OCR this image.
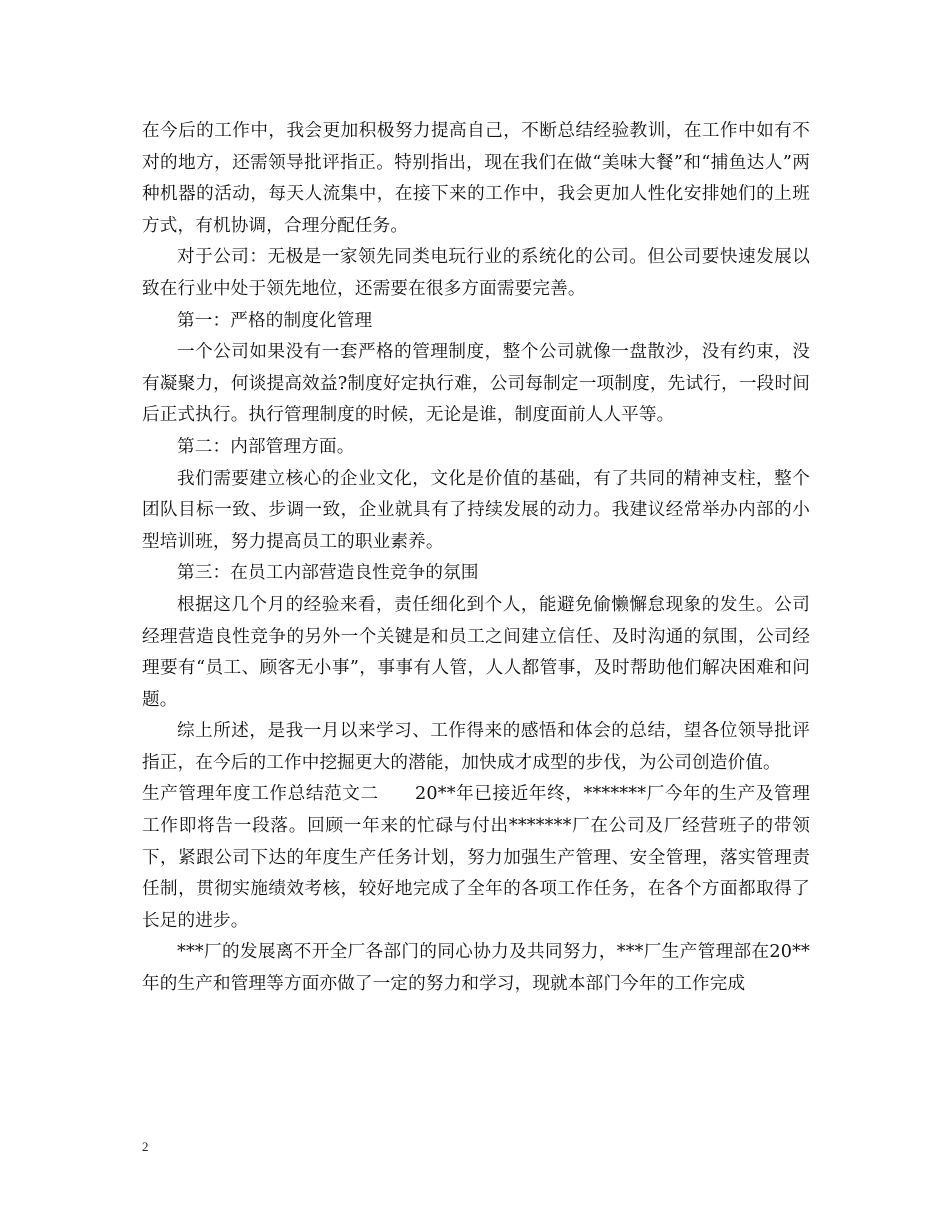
在今后的工作中，我会更加积极努力提高自己，不断总结经验教训，在工作中如有不对的地方，还需领导批评指正。特别指出，现在我们在做“美味大餐”和“捕鱼达人”两种机器的活动，每天人流集中，在接下来的工作中，我会更加人性化安排她们的上班方式，有机协调，合理分配任务。

对于公司：无极是一家领先同类电玩行业的系统化的公司。但公司要快速发展以致在行业中处于领先地位，还需要在很多方面需要完善。

第一：严格的制度化管理

一个公司如果没有一套严格的管理制度，整个公司就像一盘散沙，没有约束，没有凝聚力，何谈提高效益?制度好定执行难，公司每制定一项制度，先试行，一段时间后正式执行。执行管理制度的时候，无论是谁，制度面前人人平等。

第二：内部管理方面。

我们需要建立核心的企业文化，文化是价值的基础，有了共同的精神支柱，整个团队目标一致、步调一致，企业就具有了持续发展的动力。我建议经常举办内部的小型培训班，努力提高员工的职业素养。

第三：在员工内部营造良性竞争的氛围

根据这几个月的经验来看，责任细化到个人，能避免偷懒懈怠现象的发生。公司经理营造良性竞争的另外一个关键是和员工之间建立信任、及时沟通的氛围，公司经理要有“员工、顾客无小事”，事事有人管，人人都管事，及时帮助他们解决困难和问题。

综上所述，是我一月以来学习、工作得来的感悟和体会的总结，望各位领导批评指正，在今后的工作中挖掘更大的潜能，加快成才成型的步伐，为公司创造价值。

生产管理年度工作总结范文二　　20**年已接近年终，*******厂今年的生产及管理工作即将告一段落。回顾一年来的忙碌与付出*******厂在公司及厂经营班子的带领下，紧跟公司下达的年度生产任务计划，努力加强生产管理、安全管理，落实管理责任制，贯彻实施绩效考核，较好地完成了全年的各项工作任务，在各个方面都取得了长足的进步。

***厂的发展离不开全厂各部门的同心协力及共同努力，***厂生产管理部在20**年的生产和管理等方面亦做了一定的努力和学习，现就本部门今年的工作完成

2
